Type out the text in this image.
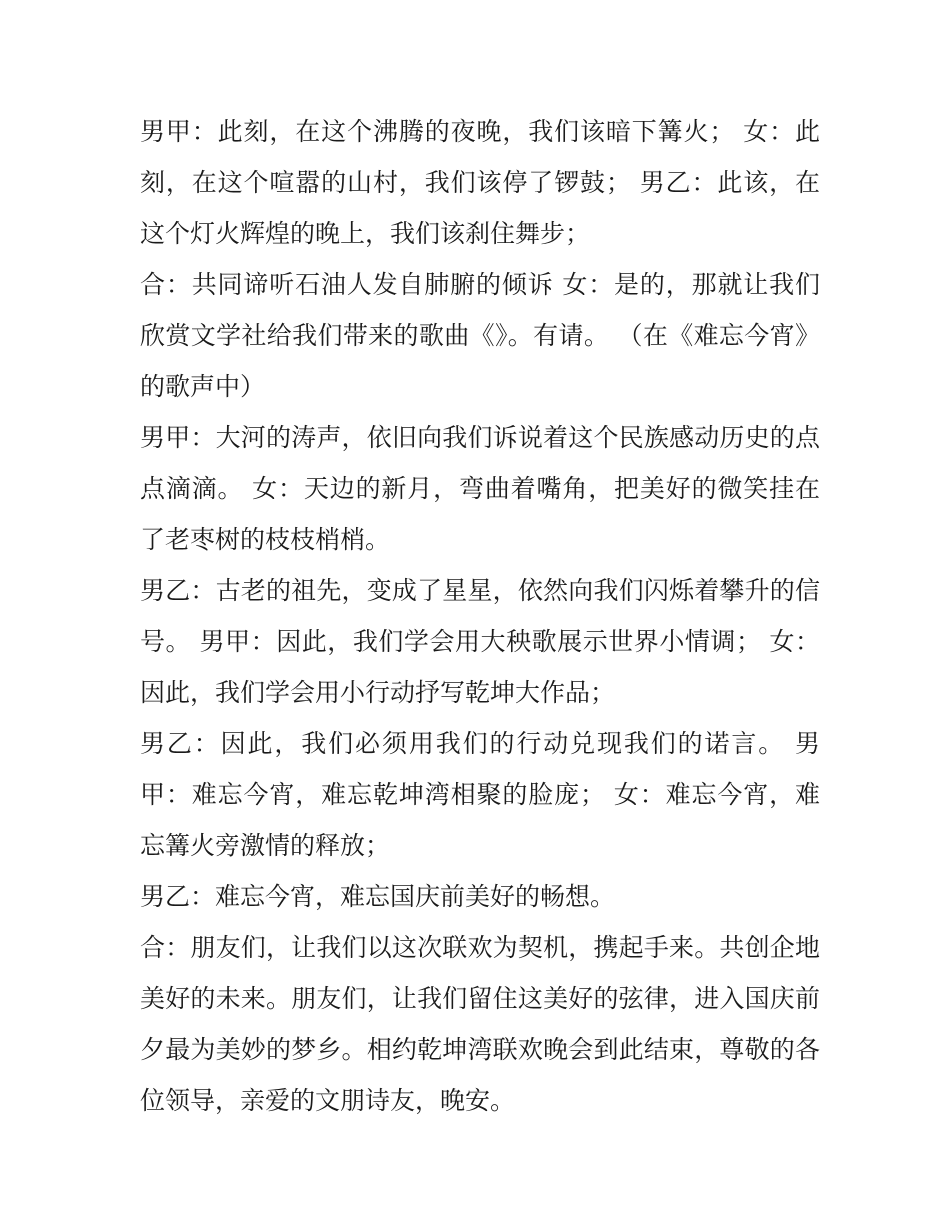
男甲：此刻，在这个沸腾的夜晚，我们该暗下篝火； 女：此刻，在这个喧嚣的山村，我们该停了锣鼓； 男乙：此该，在这个灯火辉煌的晚上，我们该刹住舞步；

合：共同谛听石油人发自肺腑的倾诉 女：是的，那就让我们欣赏文学社给我们带来的歌曲《》。有请。 （在《难忘今宵》的歌声中）

男甲：大河的涛声，依旧向我们诉说着这个民族感动历史的点点滴滴。 女：天边的新月，弯曲着嘴角，把美好的微笑挂在了老枣树的枝枝梢梢。

男乙：古老的祖先，变成了星星，依然向我们闪烁着攀升的信号。 男甲：因此，我们学会用大秧歌展示世界小情调； 女：因此，我们学会用小行动抒写乾坤大作品；

男乙：因此，我们必须用我们的行动兑现我们的诺言。 男甲：难忘今宵，难忘乾坤湾相聚的脸庞； 女：难忘今宵，难忘篝火旁激情的释放；

男乙：难忘今宵，难忘国庆前美好的畅想。

合：朋友们，让我们以这次联欢为契机，携起手来。共创企地美好的未来。朋友们，让我们留住这美好的弦律，进入国庆前夕最为美妙的梦乡。相约乾坤湾联欢晚会到此结束，尊敬的各位领导，亲爱的文朋诗友，晚安。
